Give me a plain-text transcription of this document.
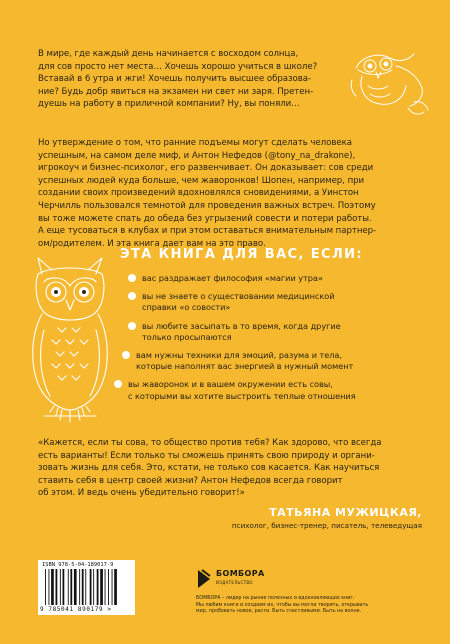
В мире, где каждый день начинается с восходом солнца,

для сов просто нет места… Хочешь хорошо учиться в школе?

Вставай в 6 утра и жги! Хочешь получить высшее образова-

ние? Будь добр явиться на экзамен ни свет ни заря. Претен-

дуешь на работу в приличной компании? Ну, вы поняли…

Но утверждение о том, что ранние подъемы могут сделать человека

успешным, на самом деле миф, и Антон Нефедов (@tony_na_drakone),

игрокоуч и бизнес-психолог, его развенчивает. Он доказывает: сов среди

успешных людей куда больше, чем жаворонков! Шопен, например, при

создании своих произведений вдохновлялся сновидениями, а Уинстон

Черчилль пользовался темнотой для проведения важных встреч. Поэтому

вы тоже можете спать до обеда без угрызений совести и потери работы.

А еще тусоваться в клубах и при этом оставаться внимательным партнер-

ом/родителем. И эта книга дает вам на это право.

ЭТА КНИГА ДЛЯ ВАС, ЕСЛИ:
вас раздражает философия «магии утра»
вы не знаете о существовании медицинской
справки «о совости»
вы любите засыпать в то время, когда другие
только просыпаются
вам нужны техники для эмоций, разума и тела,
которые наполнят вас энергией в нужный момент
вы жаворонок и в вашем окружении есть совы,
с которыми вы хотите выстроить теплые отношения

«Кажется, если ты сова, то общество против тебя? Как здорово, что всегда

есть варианты! Если только ты сможешь принять свою природу и органи-

зовать жизнь для себя. Это, кстати, не только сов касается. Как научиться

ставить себя в центр своей жизни? Антон Нефедов всегда говорит

об этом. И ведь очень убедительно говорит!»

ТАТЬЯНА МУЖИЦКАЯ,
психолог, бизнес-тренер, писатель, телеведущая
ISBN 978-5-04-189017-9
9 785041 890179 >
БОМБОРА
ИЗДАТЕЛЬСТВО
БОМБОРА – лидер на рынке полезных и вдохновляющих книг.
Мы любим книги и создаем их, чтобы вы могли творить, открывать
мир, пробовать новое, расти. Быть счастливыми. Быть на волне.
